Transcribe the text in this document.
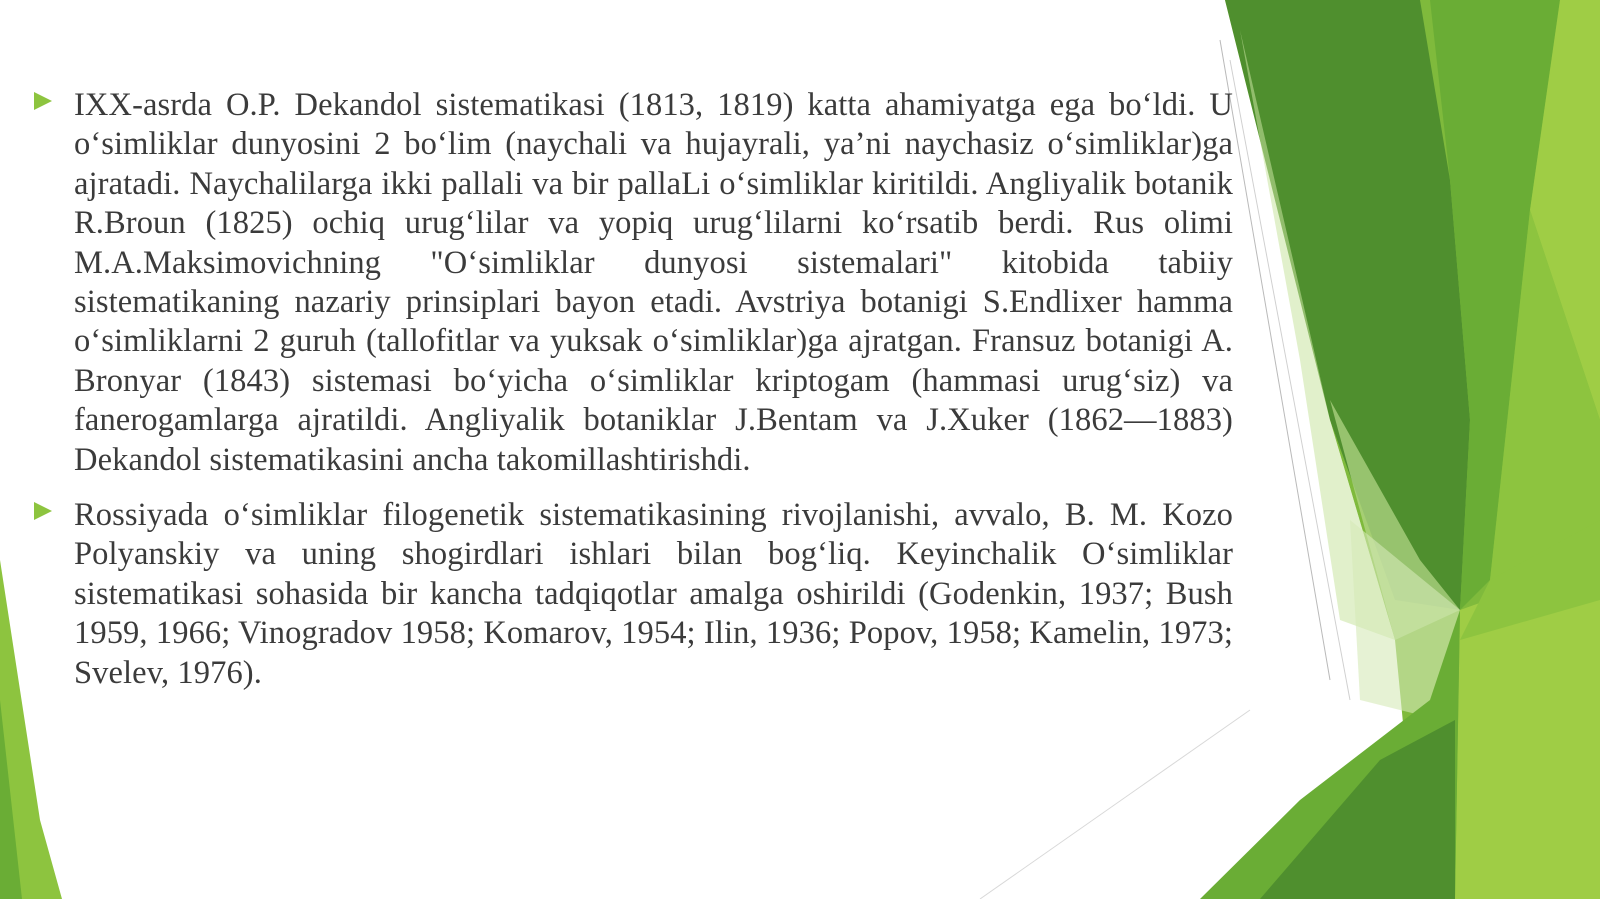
IXX-asrda O.P. Dekandol sistematikasi (1813, 1819) katta ahamiyatga ega boʻldi. U oʻsimliklar dunyosini 2 boʻlim (naychali va hujayrali, ya’ni naychasiz oʻsimliklar)ga ajratadi. Naychalilarga ikki pallali va bir pallaLi oʻsimliklar kiritildi. Angliyalik botanik R.Broun (1825) ochiq urugʻlilar va yopiq urugʻlilarni koʻrsatib berdi. Rus olimi M.A.Maksimovichning "Oʻsimliklar dunyosi sistemalari" kitobida tabiiy sistematikaning nazariy prinsiplari bayon etadi. Avstriya botanigi S.Endlixer hamma oʻsimliklarni 2 guruh (tallofitlar va yuksak oʻsimliklar)ga ajratgan. Fransuz botanigi A. Bronyar (1843) sistemasi boʻyicha oʻsimliklar kriptogam (hammasi urugʻsiz) va fanerogamlarga ajratildi. Angliyalik botaniklar J.Bentam va J.Xuker (1862—1883) Dekandol sistematikasini ancha takomillashtirishdi.
Rossiyada oʻsimliklar filogenetik sistematikasining rivojlanishi, avvalo, B. M. Kozo Polyanskiy va uning shogirdlari ishlari bilan bogʻliq. Keyinchalik Oʻsimliklar sistematikasi sohasida bir kancha tadqiqotlar amalga oshirildi (Godenkin, 1937; Bush 1959, 1966; Vinogradov 1958; Komarov, 1954; Ilin, 1936; Popov, 1958; Kamelin, 1973; Svelev, 1976).
